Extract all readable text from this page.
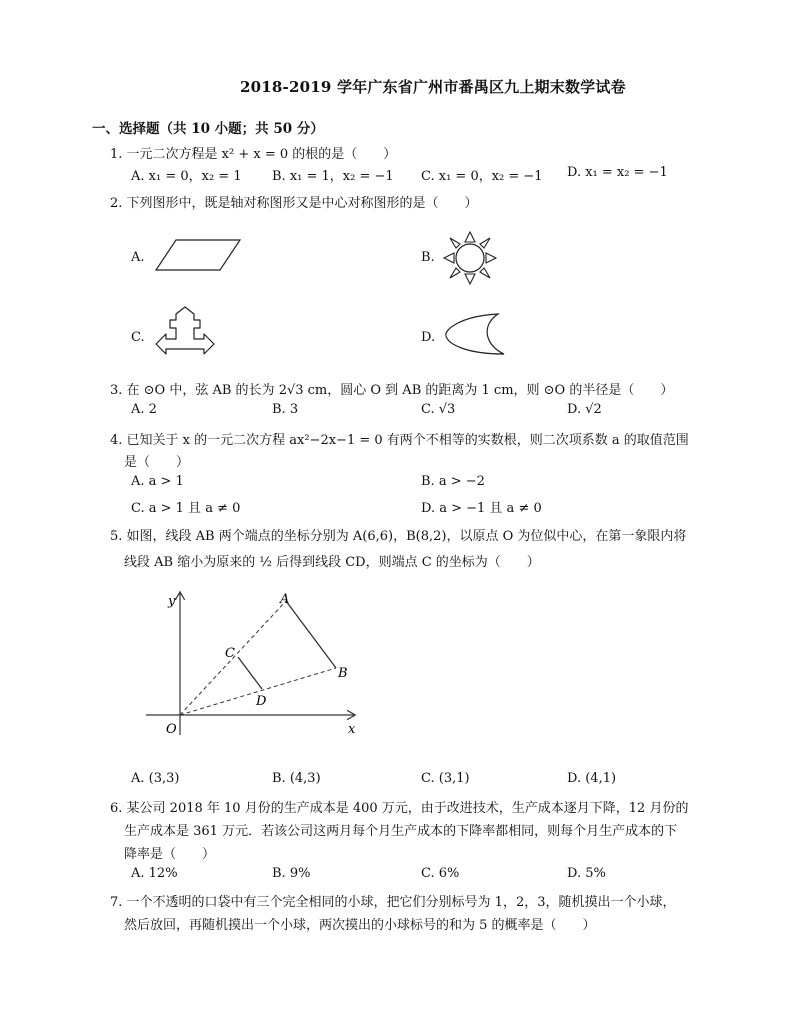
2018-2019 学年广东省广州市番禺区九上期末数学试卷
一、选择题（共 10 小题；共 50 分）
1. 一元二次方程是 x² + x = 0 的根的是（　　）
A. x₁ = 0，x₂ = 1 B. x₁ = 1，x₂ = −1 C. x₁ = 0，x₂ = −1 D. x₁ = x₂ = −1
2. 下列图形中，既是轴对称图形又是中心对称图形的是（　　）
A.	B.
C.	D.
3. 在 ⊙O 中，弦 AB 的长为 2√3 cm，圆心 O 到 AB 的距离为 1 cm，则 ⊙O 的半径是（　　）
A. 2	B. 3	C. √3	D. √2
4. 已知关于 x 的一元二次方程 ax²−2x−1 = 0 有两个不相等的实数根，则二次项系数 a 的取值范围
是（　　）
A. a > 1	B. a > −2
C. a > 1 且 a ≠ 0	D. a > −1 且 a ≠ 0
5. 如图，线段 AB 两个端点的坐标分别为 A(6,6)，B(8,2)，以原点 O 为位似中心，在第一象限内将
线段 AB 缩小为原来的 ½ 后得到线段 CD，则端点 C 的坐标为（　　）
y
x
O
A
B
C
D
A. (3,3)	B. (4,3)	C. (3,1)	D. (4,1)
6. 某公司 2018 年 10 月份的生产成本是 400 万元，由于改进技术，生产成本逐月下降，12 月份的
生产成本是 361 万元．若该公司这两月每个月生产成本的下降率都相同，则每个月生产成本的下
降率是（　　）
A. 12%	B. 9%	C. 6%	D. 5%
7. 一个不透明的口袋中有三个完全相同的小球，把它们分别标号为 1，2，3，随机摸出一个小球，
然后放回，再随机摸出一个小球，两次摸出的小球标号的和为 5 的概率是（　　）
